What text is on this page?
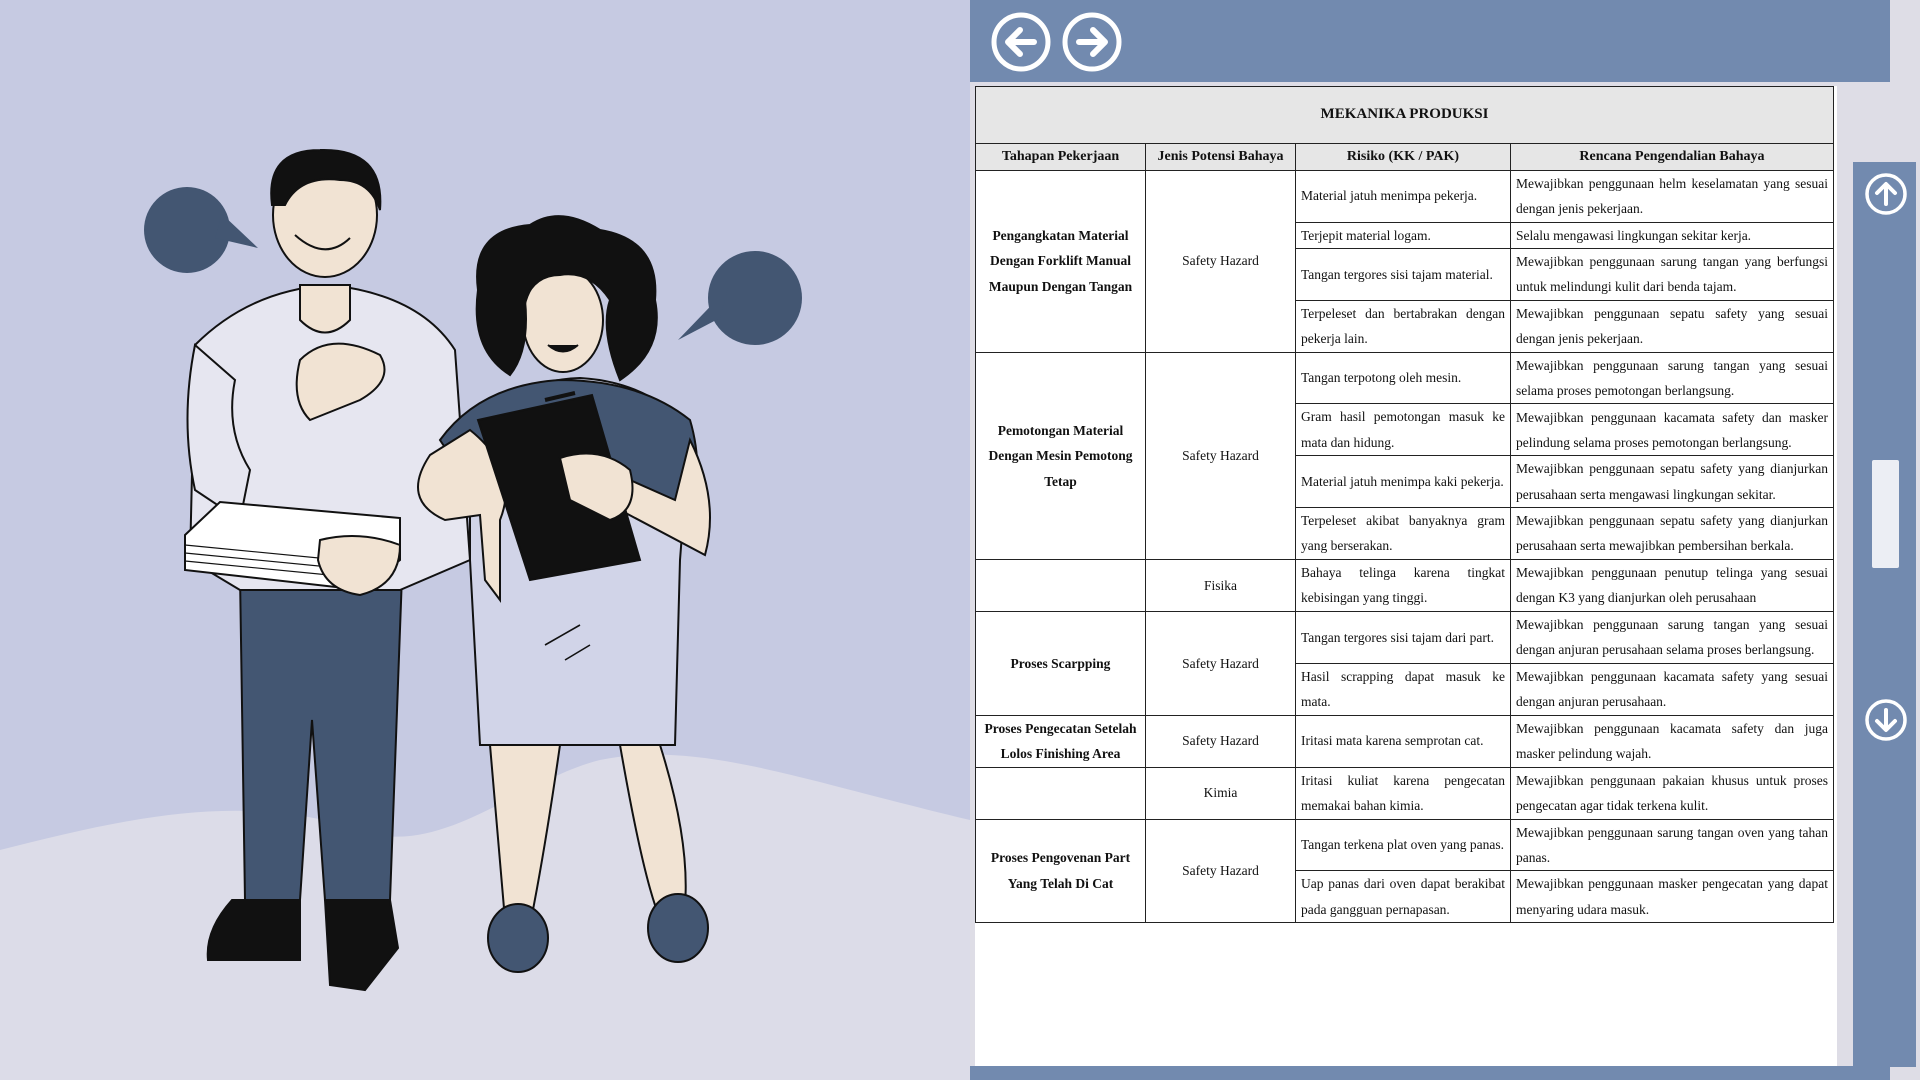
MEKANIKA PRODUKSI			
Tahapan Pekerjaan	Jenis Potensi Bahaya	Risiko (KK / PAK)	Rencana Pengendalian Bahaya
Pengangkatan Material Dengan Forklift Manual Maupun Dengan Tangan	Safety Hazard	Material jatuh menimpa pekerja.	Mewajibkan penggunaan helm keselamatan yang sesuai dengan jenis pekerjaan.
		Terjepit material logam.	Selalu mengawasi lingkungan sekitar kerja.
		Tangan tergores sisi tajam material.	Mewajibkan penggunaan sarung tangan yang berfungsi untuk melindungi kulit dari benda tajam.
		Terpeleset dan bertabrakan dengan pekerja lain.	Mewajibkan penggunaan sepatu safety yang sesuai dengan jenis pekerjaan.
Pemotongan Material Dengan Mesin Pemotong Tetap	Safety Hazard	Tangan terpotong oleh mesin.	Mewajibkan penggunaan sarung tangan yang sesuai selama proses pemotongan berlangsung.
		Gram hasil pemotongan masuk ke mata dan hidung.	Mewajibkan penggunaan kacamata safety dan masker pelindung selama proses pemotongan berlangsung.
		Material jatuh menimpa kaki pekerja.	Mewajibkan penggunaan sepatu safety yang dianjurkan perusahaan serta mengawasi lingkungan sekitar.
		Terpeleset akibat banyaknya gram yang berserakan.	Mewajibkan penggunaan sepatu safety yang dianjurkan perusahaan serta mewajibkan pembersihan berkala.
	Fisika	Bahaya telinga karena tingkat kebisingan yang tinggi.	Mewajibkan penggunaan penutup telinga yang sesuai dengan K3 yang dianjurkan oleh perusahaan
Proses Scarpping	Safety Hazard	Tangan tergores sisi tajam dari part.	Mewajibkan penggunaan sarung tangan yang sesuai dengan anjuran perusahaan selama proses berlangsung.
		Hasil scrapping dapat masuk ke mata.	Mewajibkan penggunaan kacamata safety yang sesuai dengan anjuran perusahaan.
Proses Pengecatan Setelah Lolos Finishing Area	Safety Hazard	Iritasi mata karena semprotan cat.	Mewajibkan penggunaan kacamata safety dan juga masker pelindung wajah.
	Kimia	Iritasi kuliat karena pengecatan memakai bahan kimia.	Mewajibkan penggunaan pakaian khusus untuk proses pengecatan agar tidak terkena kulit.
Proses Pengovenan Part Yang Telah Di Cat	Safety Hazard	Tangan terkena plat oven yang panas.	Mewajibkan penggunaan sarung tangan oven yang tahan panas.
		Uap panas dari oven dapat berakibat pada gangguan pernapasan.	Mewajibkan penggunaan masker pengecatan yang dapat menyaring udara masuk.
